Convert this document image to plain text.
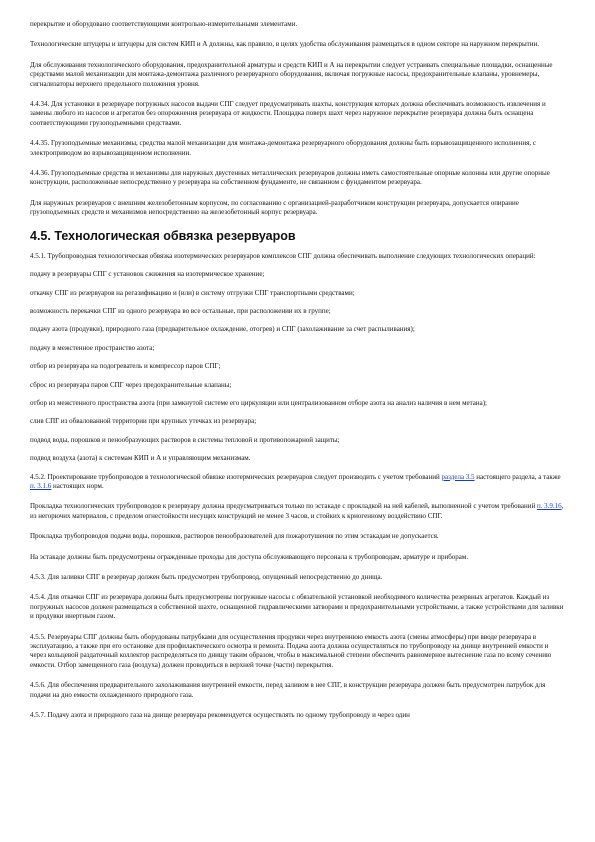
перекрытие и оборудовано соответствующими контрольно-измерительными элементами.

Технологические штуцеры и штуцеры для систем КИП и А должны, как правило, в целях удобства обслуживания размещаться в одном секторе на наружном перекрытии.

Для обслуживания технологического оборудования, предохранительной арматуры и средств КИП и А на перекрытии следует устраивать специальные площадки, оснащенные средствами малой механизации для монтажа-демонтажа различного резервуарного оборудования, включая погружные насосы, предохранительные клапаны, уровнемеры, сигнализаторы верхнего предельного положения уровня.

4.4.34. Для установки в резервуаре погружных насосов выдачи СПГ следует предусматривать шахты, конструкция которых должна обеспечивать возможность извлечения и замены любого из насосов и агрегатов без опорожнения резервуара от жидкости. Площадка поверх шахт через наружное перекрытие резервуара должна быть оснащена соответствующими грузоподъемными средствами.

4.4.35. Грузоподъемные механизмы, средства малой механизации для монтажа-демонтажа резервуарного оборудования должны быть взрывозащищенного исполнения, с электроприводом во взрывозащищенном исполнении.

4.4.36. Грузоподъемные средства и механизмы для наружных двустенных металлических резервуаров должны иметь самостоятельные опорные колонны или другие опорные конструкции, расположенные непосредственно у резервуара на собственном фундаменте, не связанном с фундаментом резервуара.

Для наружных резервуаров с внешним железобетонным корпусом, по согласованию с организацией-разработчиком конструкции резервуара, допускается опирание грузоподъемных средств и механизмов непосредственно на железобетонный корпус резервуара.

4.5. Технологическая обвязка резервуаров

4.5.1. Трубопроводная технологическая обвязка изотермических резервуаров комплексов СПГ должна обеспечивать выполнение следующих технологических операций:

подачу в резервуары СПГ с установок сжижения на изотермическое хранение;

откачку СПГ из резервуаров на регазификацию и (или) в систему отгрузки СПГ транспортными средствами;

возможность перекачки СПГ из одного резервуара во все остальные, при расположении их в группе;

подачу азота (продувки), природного газа (предварительное охлаждение, отогрев) и СПГ (захолаживание за счет распыливания);

подачу в межстенное пространство азота;

отбор из резервуара на подогреватель и компрессор паров СПГ;

сброс из резервуара паров СПГ через предохранительные клапаны;

отбор из межстенного пространства азота (при замкнутой системе его циркуляции или централизованном отборе азота на анализ наличия в нем метана);

слив СПГ из обвалованной территории при крупных утечках из резервуара;

подвод воды, порошков и пенообразующих растворов в системы тепловой и противопожарной защиты;

подвод воздуха (азота) к системам КИП и А и управляющим механизмам.

4.5.2. Проектирование трубопроводов в технологической обвязке изотермических резервуаров следует производить с учетом требований раздела 3.5 настоящего раздела, а также п. 3.1.6 настоящих норм.

Прокладка технологических трубопроводов к резервуару должна предусматриваться только по эстакаде с прокладкой на ней кабелей, выполненной с учетом требований п. 3.9.16, из негорючих материалов, с пределом огнестойкости несущих конструкций не менее 3 часов, и стойких к криогенному воздействию СПГ.

Прокладка трубопроводов подачи воды, порошков, растворов пенообразователей для пожаротушения по этим эстакадам не допускается.

На эстакаде должны быть предусмотрены огражденные проходы для доступа обслуживающего персонала к трубопроводам, арматуре и приборам.

4.5.3. Для заливки СПГ в резервуар должен быть предусмотрен трубопровод, опущенный непосредственно до днища.

4.5.4. Для откачки СПГ из резервуара должны быть предусмотрены погружные насосы с обязательной установкой необходимого количества резервных агрегатов. Каждый из погружных насосов должен размещаться в собственной шахте, оснащенной гидравлическими затворами и предохранительными устройствами, а также устройствами для заливки и продувки инертным газом.

4.5.5. Резервуары СПГ должны быть оборудованы патрубками для осуществления продувки через внутреннюю емкость азота (смены атмосферы) при вводе резервуара в эксплуатацию, а также при его остановке для профилактического осмотра и ремонта. Подача азота должна осуществляться по трубопроводу на днище внутренней емкости и через кольцевой раздаточный коллектор распределяться по днищу таким образом, чтобы в максимальной степени обеспечить равномерное вытеснение газа по всему сечению емкости. Отбор замещенного газа (воздуха) должен проводиться в верхней точке (части) перекрытия.

4.5.6. Для обеспечения предварительного захолаживания внутренней емкости, перед заливом в нее СПГ, в конструкции резервуара должен быть предусмотрен патрубок для подачи на дно емкости охлажденного природного газа.

4.5.7. Подачу азота и природного газа на днище резервуара рекомендуется осуществлять по одному трубопроводу и через один
